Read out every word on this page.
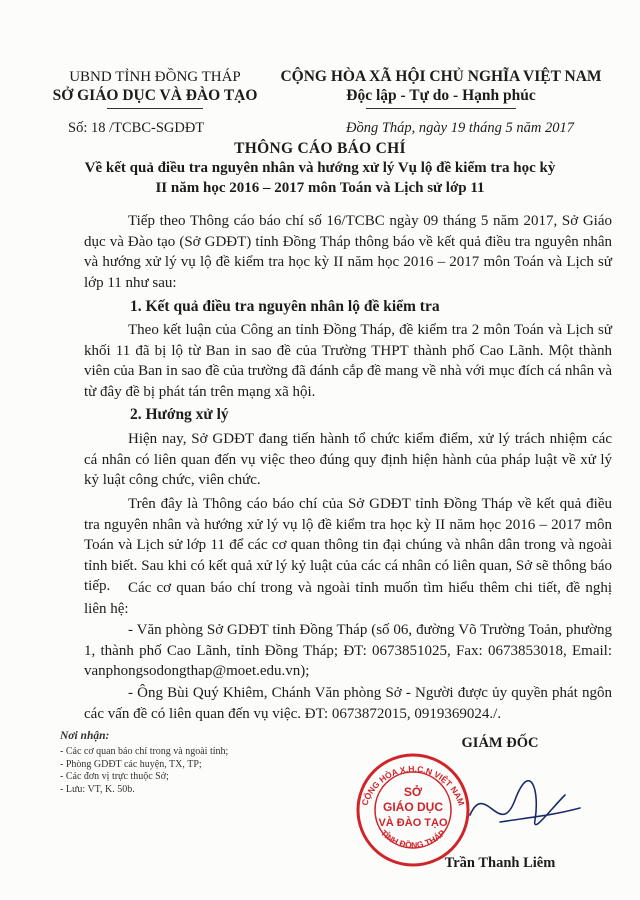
UBND TỈNH ĐỒNG THÁP
SỞ GIÁO DỤC VÀ ĐÀO TẠO
CỘNG HÒA XÃ HỘI CHỦ NGHĨA VIỆT NAM
Độc lập - Tự do - Hạnh phúc
Số: 18 /TCBC-SGDĐT	Đồng Tháp, ngày 19 tháng 5 năm 2017
THÔNG CÁO BÁO CHÍ
Về kết quả điều tra nguyên nhân và hướng xử lý Vụ lộ đề kiểm tra học kỳ
II năm học 2016 – 2017 môn Toán và Lịch sử lớp 11
Tiếp theo Thông cáo báo chí số 16/TCBC ngày 09 tháng 5 năm 2017, Sở Giáo dục và Đào tạo (Sở GDĐT) tỉnh Đồng Tháp thông báo về kết quả điều tra nguyên nhân và hướng xử lý vụ lộ đề kiểm tra học kỳ II năm học 2016 – 2017 môn Toán và Lịch sử lớp 11 như sau:
1. Kết quả điều tra nguyên nhân lộ đề kiểm tra
Theo kết luận của Công an tỉnh Đồng Tháp, đề kiểm tra 2 môn Toán và Lịch sử khối 11 đã bị lộ từ Ban in sao đề của Trường THPT thành phố Cao Lãnh. Một thành viên của Ban in sao đề của trường đã đánh cắp đề mang về nhà với mục đích cá nhân và từ đây đề bị phát tán trên mạng xã hội.
2. Hướng xử lý
Hiện nay, Sở GDĐT đang tiến hành tổ chức kiểm điểm, xử lý trách nhiệm các cá nhân có liên quan đến vụ việc theo đúng quy định hiện hành của pháp luật về xử lý kỷ luật công chức, viên chức.
Trên đây là Thông cáo báo chí của Sở GDĐT tỉnh Đồng Tháp về kết quả điều tra nguyên nhân và hướng xử lý vụ lộ đề kiểm tra học kỳ II năm học 2016 – 2017 môn Toán và Lịch sử lớp 11 để các cơ quan thông tin đại chúng và nhân dân trong và ngoài tỉnh biết. Sau khi có kết quả xử lý kỷ luật của các cá nhân có liên quan, Sở sẽ thông báo tiếp.	Các cơ quan báo chí trong và ngoài tỉnh muốn tìm hiểu thêm chi tiết, đề nghị liên hệ:
- Văn phòng Sở GDĐT tỉnh Đồng Tháp (số 06, đường Võ Trường Toản, phường 1, thành phố Cao Lãnh, tỉnh Đồng Tháp; ĐT: 0673851025, Fax: 0673853018, Email: vanphongsodongthap@moet.edu.vn);
- Ông Bùi Quý Khiêm, Chánh Văn phòng Sở - Người được ủy quyền phát ngôn các vấn đề có liên quan đến vụ việc. ĐT: 0673872015, 0919369024./.
Nơi nhận:
- Các cơ quan báo chí trong và ngoài tỉnh;
- Phòng GDĐT các huyện, TX, TP;
- Các đơn vị trực thuộc Sở;
- Lưu: VT, K. 50b.
GIÁM ĐỐC
CỘNG HÒA X.H.C.N VIỆT NAM
TỈNH ĐỒNG THÁP
SỞ
GIÁO DỤC
VÀ ĐÀO TẠO
Trần Thanh Liêm
